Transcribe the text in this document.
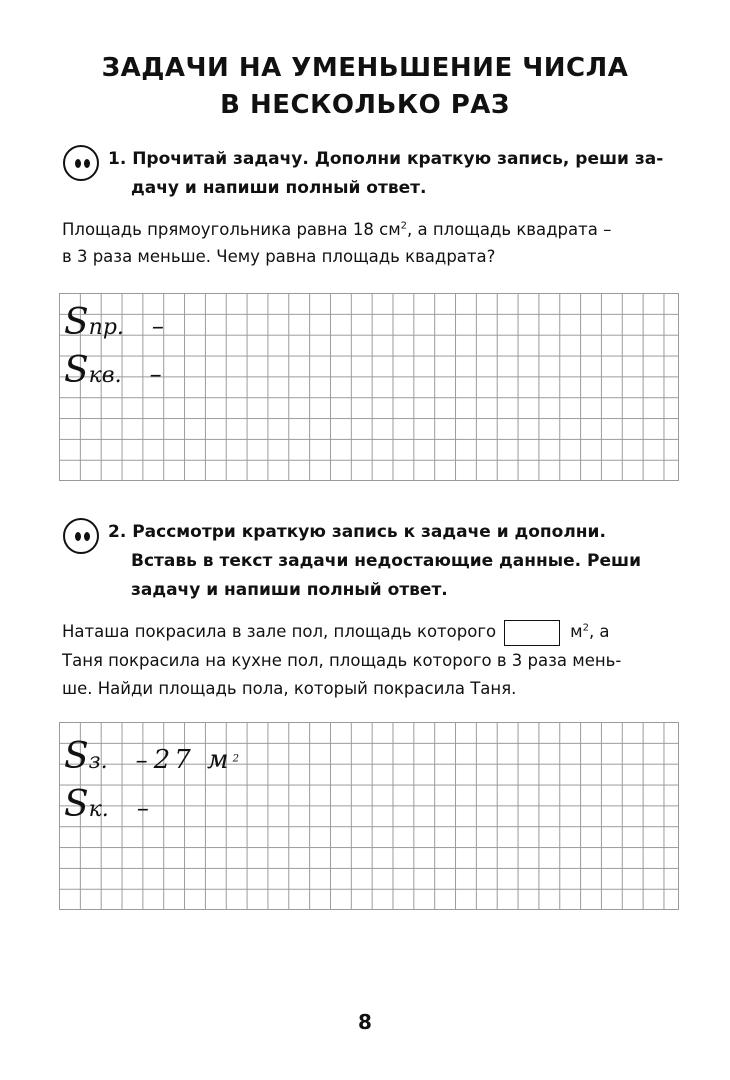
ЗАДАЧИ НА УМЕНЬШЕНИЕ ЧИСЛА
В НЕСКОЛЬКО РАЗ
1. Прочитай задачу. Дополни краткую запись, реши за-
дачу и напиши полный ответ.
Площадь прямоугольника равна 18 $см^2$, а площадь квадрата –
в 3 раза меньше. Чему равна площадь квадрата?
Sпр. –
Sкв. –
2. Рассмотри краткую запись к задаче и дополни.
Вставь в текст задачи недостающие данные. Реши
задачу и напиши полный ответ.
Наташа покрасила в зале пол, площадь которого	$м^2$, а
Таня покрасила на кухне пол, площадь которого в 3 раза мень-
ше. Найди площадь пола, который покрасила Таня.
Sз. – 27 $м^2$
Sк. –
8
